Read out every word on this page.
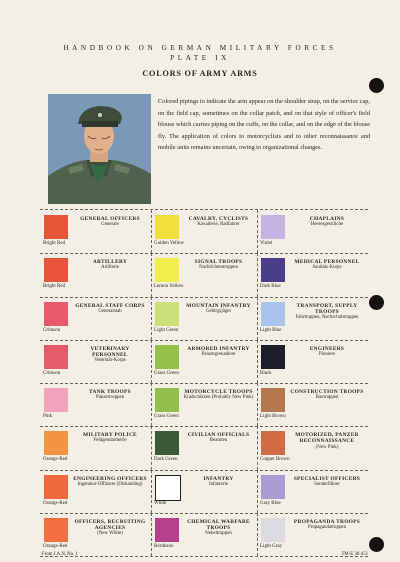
HANDBOOK ON GERMAN MILITARY FORCES
PLATE IX
COLORS OF ARMY ARMS
Colored pipings to indicate the arm appear on the shoulder strap, on the service cap, on the field cap, sometimes on the collar patch, and on that style of officer's field blouse which carries piping on the cuffs, on the collar, and on the edge of the blouse fly. The application of colors to motorcyclists and to other reconnaissance and mobile units remains uncertain, owing to organizational changes.
GENERAL OFFICERS
Generale
Bright Red
CAVALRY, CYCLISTS
Kavallerie, Radfahrer
Golden Yellow
CHAPLAINS
Heeresgeistliche
Violet
ARTILLERY
Artillerie
Bright Red
SIGNAL TROOPS
Nachrichtentruppen
Lemon Yellow
MEDICAL PERSONNEL
Sanitäts-Korps
Dark Blue
GENERAL STAFF CORPS
Generalstab
Crimson
MOUNTAIN INFANTRY
Gebirgsjäger
Light Green
TRANSPORT, SUPPLY TROOPS
Fahrtruppen, Nachschubtruppen
Light Blue
VETERINARY PERSONNEL
Veterinär-Korps
Crimson
ARMORED INFANTRY
Panzergrenadiere
Grass Green
ENGINEERS
Pioniere
Black
TANK TROOPS
Panzertruppen
Pink
MOTORCYCLE TROOPS
Kradschützen (Probably New Pink)
Grass Green
CONSTRUCTION TROOPS
Bautruppen
Light Brown
MILITARY POLICE
Feldgendarmerie
Orange-Red
CIVILIAN OFFICIALS
Beamten
Dark Green
MOTORIZED, PANZER RECONNAISSANCE
(New Pink)
Copper Brown
ENGINEERING OFFICERS
Ingenieur-Offiziere (Disbanding)
Orange-Red
INFANTRY
Infanterie
White
SPECIALIST OFFICERS
Sonderführer
Gray Blue
OFFICERS, RECRUITING AGENCIES
(New White)
Orange-Red
CHEMICAL WARFARE TROOPS
Nebeltruppen
Bordeaux
PROPAGANDA TROOPS
Propagandatruppen
Light Gray
From J.A.N. No. 1	TM-E 30-451
